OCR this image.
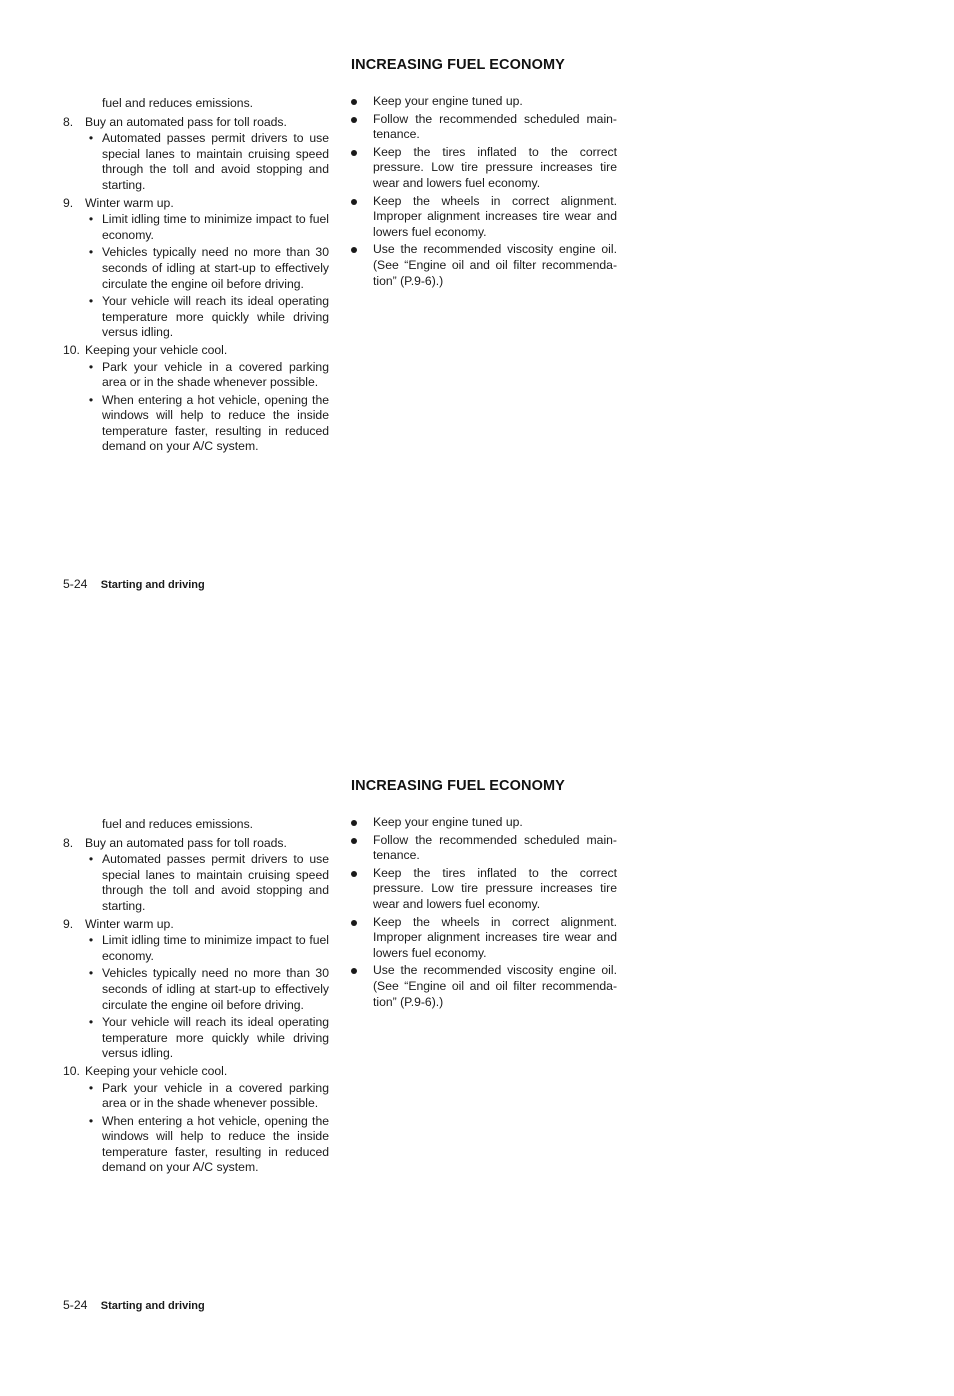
INCREASING FUEL ECONOMY
fuel and reduces emissions.
8. Buy an automated pass for toll roads.
• Automated passes permit drivers to use special lanes to maintain cruising speed through the toll and avoid stopping and starting.
9. Winter warm up.
• Limit idling time to minimize impact to fuel economy.
• Vehicles typically need no more than 30 seconds of idling at start-up to effectively circulate the engine oil before driving.
• Your vehicle will reach its ideal operating temperature more quickly while driving versus idling.
10. Keeping your vehicle cool.
• Park your vehicle in a covered parking area or in the shade whenever possible.
• When entering a hot vehicle, opening the windows will help to reduce the inside temperature faster, resulting in reduced demand on your A/C system.
Keep your engine tuned up.
Follow the recommended scheduled main-tenance.
Keep the tires inflated to the correct pressure. Low tire pressure increases tire wear and lowers fuel economy.
Keep the wheels in correct alignment. Improper alignment increases tire wear and lowers fuel economy.
Use the recommended viscosity engine oil. (See “Engine oil and oil filter recommenda-tion” (P.9-6).)
5-24 Starting and driving
INCREASING FUEL ECONOMY
fuel and reduces emissions.
8. Buy an automated pass for toll roads.
• Automated passes permit drivers to use special lanes to maintain cruising speed through the toll and avoid stopping and starting.
9. Winter warm up.
• Limit idling time to minimize impact to fuel economy.
• Vehicles typically need no more than 30 seconds of idling at start-up to effectively circulate the engine oil before driving.
• Your vehicle will reach its ideal operating temperature more quickly while driving versus idling.
10. Keeping your vehicle cool.
• Park your vehicle in a covered parking area or in the shade whenever possible.
• When entering a hot vehicle, opening the windows will help to reduce the inside temperature faster, resulting in reduced demand on your A/C system.
Keep your engine tuned up.
Follow the recommended scheduled main-tenance.
Keep the tires inflated to the correct pressure. Low tire pressure increases tire wear and lowers fuel economy.
Keep the wheels in correct alignment. Improper alignment increases tire wear and lowers fuel economy.
Use the recommended viscosity engine oil. (See “Engine oil and oil filter recommenda-tion” (P.9-6).)
5-24 Starting and driving
